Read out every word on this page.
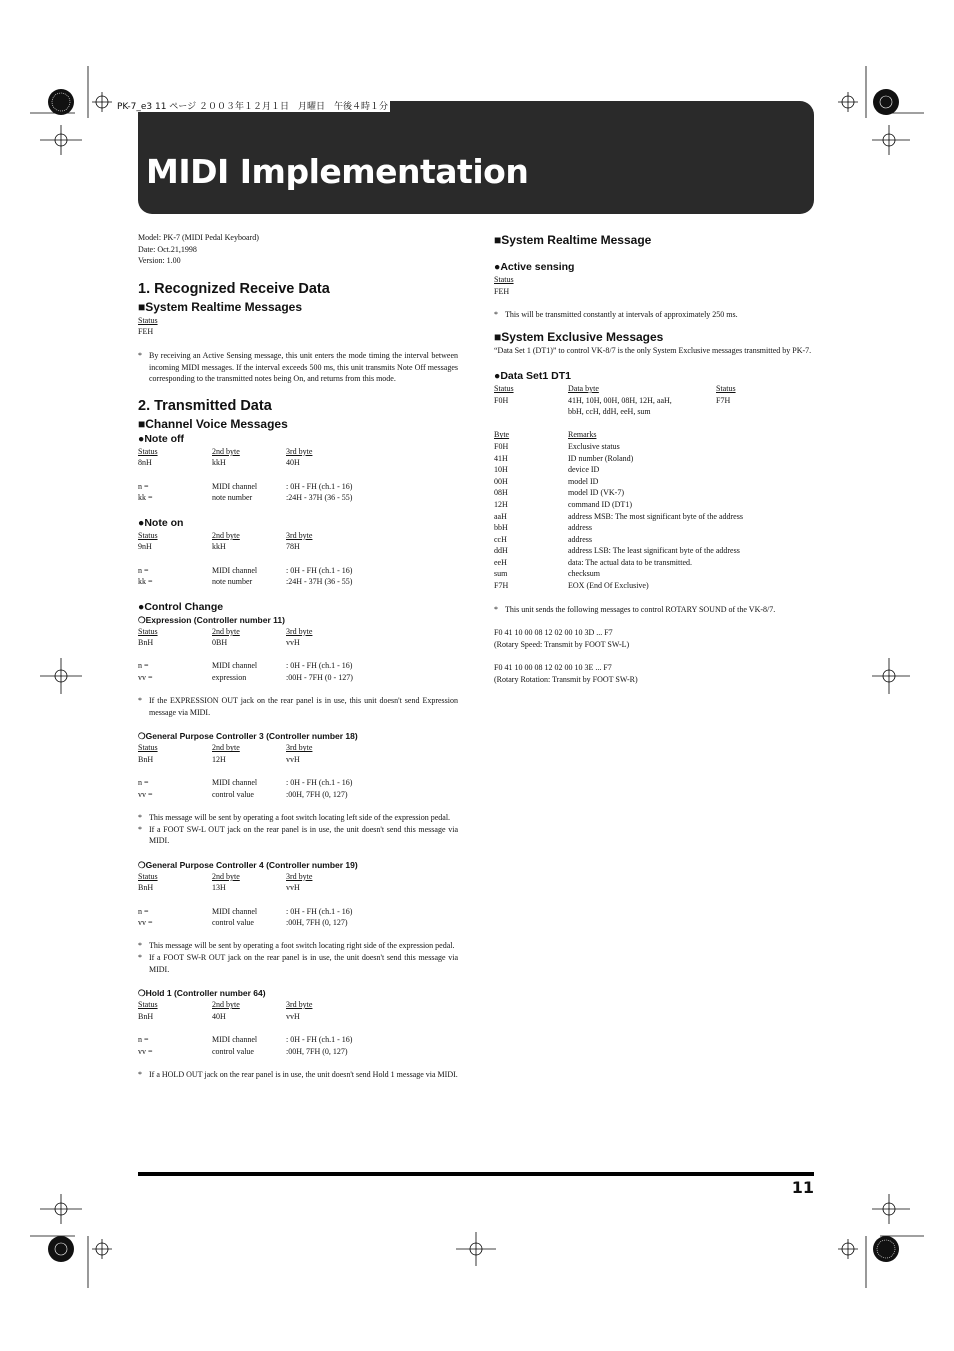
PK-7_e3 11 ページ ２００３年１２月１日　月曜日　午後４時１分
MIDI Implementation
Model: PK-7 (MIDI Pedal Keyboard)
Date: Oct.21,1998
Version: 1.00
1. Recognized Receive Data
■System Realtime Messages
Status
FEH
* By receiving an Active Sensing message, this unit enters the mode timing the interval between incoming MIDI messages. If the interval exceeds 500 ms, this unit transmits Note Off messages corresponding to the transmitted notes being On, and returns from this mode.
2. Transmitted Data
■Channel Voice Messages
●Note off
Status	2nd byte	3rd byte
8nH	kkH	40H
n =	MIDI channel	: 0H - FH (ch.1 - 16)
kk =	note number	:24H - 37H (36 - 55)
●Note on
Status	2nd byte	3rd byte
9nH	kkH	78H
n =	MIDI channel	: 0H - FH (ch.1 - 16)
kk =	note number	:24H - 37H (36 - 55)
●Control Change
❍Expression (Controller number 11)
Status	2nd byte	3rd byte
BnH	0BH	vvH
n =	MIDI channel	: 0H - FH (ch.1 - 16)
vv =	expression	:00H - 7FH (0 - 127)
* If the EXPRESSION OUT jack on the rear panel is in use, this unit doesn't send Expression message via MIDI.
❍General Purpose Controller 3 (Controller number 18)
Status	2nd byte	3rd byte
BnH	12H	vvH
n =	MIDI channel	: 0H - FH (ch.1 - 16)
vv =	control value	:00H, 7FH (0, 127)
* This message will be sent by operating a foot switch locating left side of the expression pedal.
* If a FOOT SW-L OUT jack on the rear panel is in use, the unit doesn't send this message via MIDI.
❍General Purpose Controller 4 (Controller number 19)
Status	2nd byte	3rd byte
BnH	13H	vvH
n =	MIDI channel	: 0H - FH (ch.1 - 16)
vv =	control value	:00H, 7FH (0, 127)
* This message will be sent by operating a foot switch locating right side of the expression pedal.
* If a FOOT SW-R OUT jack on the rear panel is in use, the unit doesn't send this message via MIDI.
❍Hold 1 (Controller number 64)
Status	2nd byte	3rd byte
BnH	40H	vvH
n =	MIDI channel	: 0H - FH (ch.1 - 16)
vv =	control value	:00H, 7FH (0, 127)
* If a HOLD OUT jack on the rear panel is in use, the unit doesn't send Hold 1 message via MIDI.
■System Realtime Message
●Active sensing
Status
FEH
* This will be transmitted constantly at intervals of approximately 250 ms.
■System Exclusive Messages
“Data Set 1 (DT1)” to control VK-8/7 is the only System Exclusive messages transmitted by PK-7.
●Data Set1 DT1
Status	Data byte	Status
F0H	41H, 10H, 00H, 08H, 12H, aaH,	F7H
bbH, ccH, ddH, eeH, sum
Byte	Remarks
F0H	Exclusive status
41H	ID number (Roland)
10H	device ID
00H	model ID
08H	model ID (VK-7)
12H	command ID (DT1)
aaH	address MSB: The most significant byte of the address
bbH	address
ccH	address
ddH	address LSB: The least significant byte of the address
eeH	data: The actual data to be transmitted.
sum	checksum
F7H	EOX (End Of Exclusive)
* This unit sends the following messages to control ROTARY SOUND of the VK-8/7.
F0 41 10 00 08 12 02 00 10 3D ... F7
(Rotary Speed: Transmit by FOOT SW-L)
F0 41 10 00 08 12 02 00 10 3E ... F7
(Rotary Rotation: Transmit by FOOT SW-R)
11
